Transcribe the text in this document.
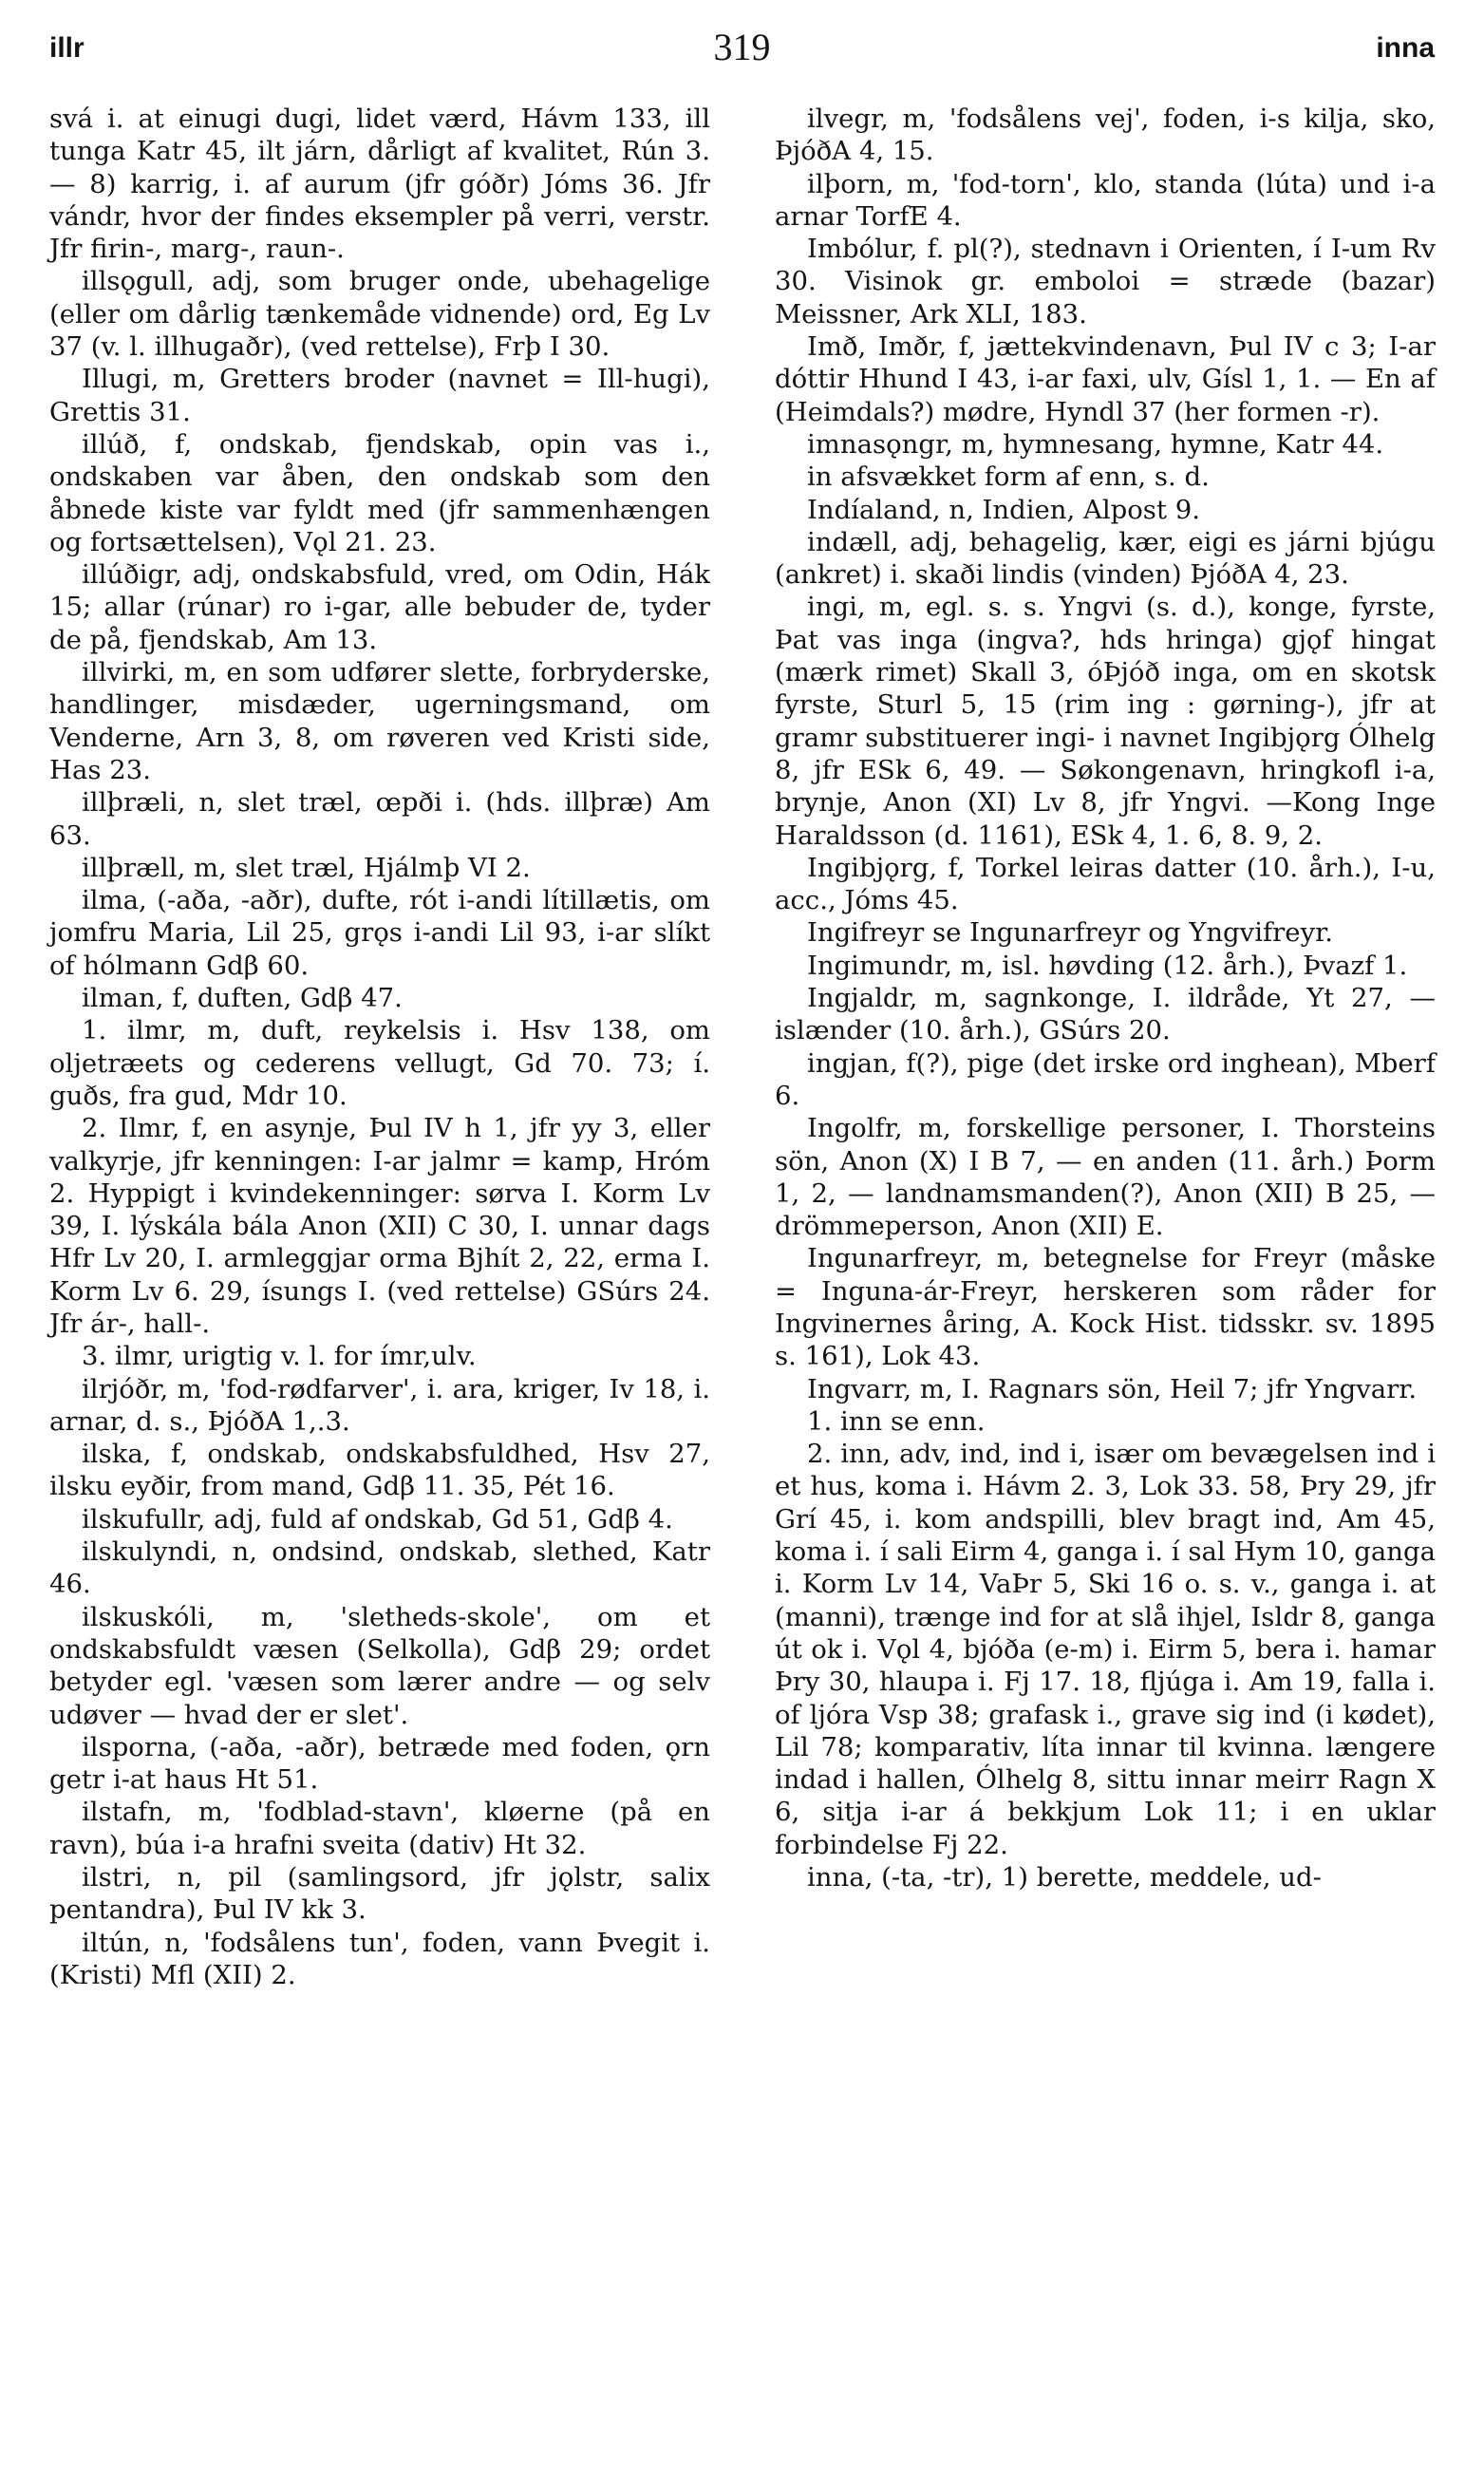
illr	319	inna

svá i. at einugi dugi, lidet værd, Hávm 133, ill tunga Katr 45, ilt járn, dårligt af kvalitet, Rún 3. — 8) karrig, i. af aurum (jfr góðr) Jóms 36. Jfr vándr, hvor der findes eksempler på verri, verstr. Jfr firin-, marg-, raun-.

illsǫgull, adj, som bruger onde, ubehagelige (eller om dårlig tænkemåde vidnende) ord, Eg Lv 37 (v. l. illhugaðr), (ved rettelse), Frþ I 30.

Illugi, m, Gretters broder (navnet = Ill-hugi), Grettis 31.

illúð, f, ondskab, fjendskab, opin vas i., ondskaben var åben, den ondskab som den åbnede kiste var fyldt med (jfr sammenhængen og fortsættelsen), Vǫl 21. 23.

illúðigr, adj, ondskabsfuld, vred, om Odin, Hák 15; allar (rúnar) ro i-gar, alle bebuder de, tyder de på, fjendskab, Am 13.

illvirki, m, en som udfører slette, forbryderske, handlinger, misdæder, ugerningsmand, om Venderne, Arn 3, 8, om røveren ved Kristi side, Has 23.

illþræli, n, slet træl, œpði i. (hds. illþræ) Am 63.

illþræll, m, slet træl, Hjálmþ VI 2.

ilma, (-aða, -aðr), dufte, rót i-andi lítillætis, om jomfru Maria, Lil 25, grǫs i-andi Lil 93, i-ar slíkt of hólmann Gdβ 60.

ilman, f, duften, Gdβ 47.

1. ilmr, m, duft, reykelsis i. Hsv 138, om oljetræets og cederens vellugt, Gd 70. 73; í. guðs, fra gud, Mdr 10.

2. Ilmr, f, en asynje, Þul IV h 1, jfr yy 3, eller valkyrje, jfr kenningen: I-ar jalmr = kamp, Hróm 2. Hyppigt i kvindekenninger: sørva I. Korm Lv 39, I. lýskála bála Anon (XII) C 30, I. unnar dags Hfr Lv 20, I. armleggjar orma Bjhít 2, 22, erma I. Korm Lv 6. 29, ísungs I. (ved rettelse) GSúrs 24. Jfr ár-, hall-.

3. ilmr, urigtig v. l. for ímr,ulv.

ilrjóðr, m, 'fod-rødfarver', i. ara, kriger, Iv 18, i. arnar, d. s., ÞjóðA 1,.3.

ilska, f, ondskab, ondskabsfuldhed, Hsv 27, ilsku eyðir, from mand, Gdβ 11. 35, Pét 16.

ilskufullr, adj, fuld af ondskab, Gd 51, Gdβ 4.

ilskulyndi, n, ondsind, ondskab, slethed, Katr 46.

ilskuskóli, m, 'sletheds-skole', om et ondskabsfuldt væsen (Selkolla), Gdβ 29; ordet betyder egl. 'væsen som lærer andre — og selv udøver — hvad der er slet'.

ilsporna, (-aða, -aðr), betræde med foden, ǫrn getr i-at haus Ht 51.

ilstafn, m, 'fodblad-stavn', kløerne (på en ravn), búa i-a hrafni sveita (dativ) Ht 32.

ilstri, n, pil (samlingsord, jfr jǫlstr, salix pentandra), Þul IV kk 3.

iltún, n, 'fodsålens tun', foden, vann Þvegit i. (Kristi) Mfl (XII) 2.

ilvegr, m, 'fodsålens vej', foden, i-s kilja, sko, ÞjóðA 4, 15.

ilþorn, m, 'fod-torn', klo, standa (lúta) und i-a arnar TorfE 4.

Imbólur, f. pl(?), stednavn i Orienten, í I-um Rv 30. Visinok gr. emboloi = stræde (bazar) Meissner, Ark XLI, 183.

Imð, Imðr, f, jættekvindenavn, Þul IV c 3; I-ar dóttir Hhund I 43, i-ar faxi, ulv, Gísl 1, 1. — En af (Heimdals?) mødre, Hyndl 37 (her formen -r).

imnasǫngr, m, hymnesang, hymne, Katr 44.

in afsvækket form af enn, s. d.

Indíaland, n, Indien, Alpost 9.

indæll, adj, behagelig, kær, eigi es járni bjúgu (ankret) i. skaði lindis (vinden) ÞjóðA 4, 23.

ingi, m, egl. s. s. Yngvi (s. d.), konge, fyrste, Þat vas inga (ingva?, hds hringa) gjǫf hingat (mærk rimet) Skall 3, óÞjóð inga, om en skotsk fyrste, Sturl 5, 15 (rim ing : gørning-), jfr at gramr substituerer ingi- i navnet Ingibjǫrg Ólhelg 8, jfr ESk 6, 49. — Søkongenavn, hringkofl i-a, brynje, Anon (XI) Lv 8, jfr Yngvi. —Kong Inge Haraldsson (d. 1161), ESk 4, 1. 6, 8. 9, 2.

Ingibjǫrg, f, Torkel leiras datter (10. årh.), I-u, acc., Jóms 45.

Ingifreyr se Ingunarfreyr og Yngvifreyr.

Ingimundr, m, isl. høvding (12. årh.), Þvazf 1.

Ingjaldr, m, sagnkonge, I. ildråde, Yt 27, — islænder (10. årh.), GSúrs 20.

ingjan, f(?), pige (det irske ord inghean), Mberf 6.

Ingolfr, m, forskellige personer, I. Thorsteins sön, Anon (X) I B 7, — en anden (11. årh.) Þorm 1, 2, — landnamsmanden(?), Anon (XII) B 25, — drömmeperson, Anon (XII) E.

Ingunarfreyr, m, betegnelse for Freyr (måske = Inguna-ár-Freyr, herskeren som råder for Ingvinernes åring, A. Kock Hist. tidsskr. sv. 1895 s. 161), Lok 43.

Ingvarr, m, I. Ragnars sön, Heil 7; jfr Yngvarr.

1. inn se enn.

2. inn, adv, ind, ind i, især om bevægelsen ind i et hus, koma i. Hávm 2. 3, Lok 33. 58, Þry 29, jfr Grí 45, i. kom andspilli, blev bragt ind, Am 45, koma i. í sali Eirm 4, ganga i. í sal Hym 10, ganga i. Korm Lv 14, VaÞr 5, Ski 16 o. s. v., ganga i. at (manni), trænge ind for at slå ihjel, Isldr 8, ganga út ok i. Vǫl 4, bjóða (e-m) i. Eirm 5, bera i. hamar Þry 30, hlaupa i. Fj 17. 18, fljúga i. Am 19, falla i. of ljóra Vsp 38; grafask i., grave sig ind (i kødet), Lil 78; komparativ, líta innar til kvinna. længere indad i hallen, Ólhelg 8, sittu innar meirr Ragn X 6, sitja i-ar á bekkjum Lok 11; i en uklar forbindelse Fj 22.

inna, (-ta, -tr), 1) berette, meddele, ud-
